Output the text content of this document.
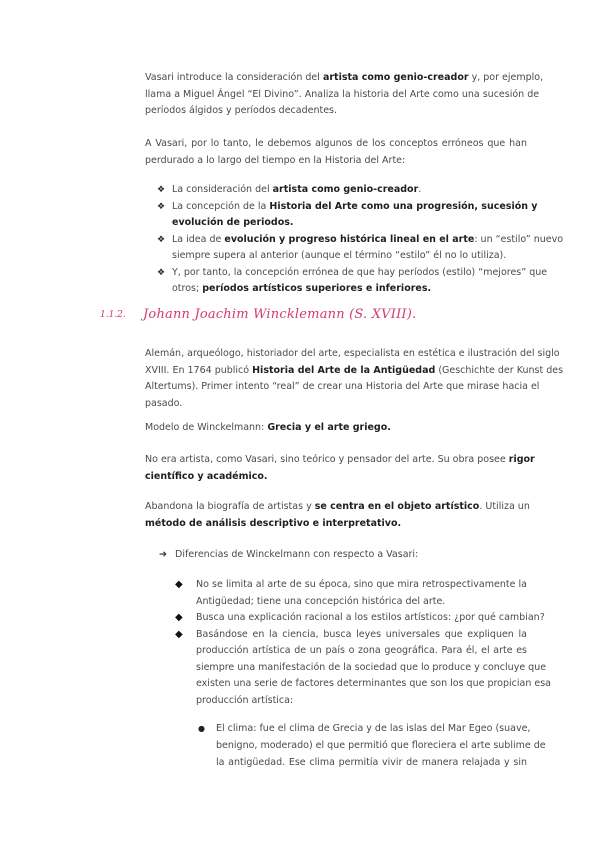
Vasari introduce la consideración del artista como genio-creador y, por ejemplo,
llama a Miguel Ángel “El Divino”. Analiza la historia del Arte como una sucesión de
períodos álgidos y períodos decadentes.
A Vasari, por lo tanto, le debemos algunos de los conceptos erróneos que han
perdurado a lo largo del tiempo en la Historia del Arte:
❖ La consideración del artista como genio-creador.
❖ La concepción de la Historia del Arte como una progresión, sucesión y
evolución de periodos.
❖ La idea de evolución y progreso histórica lineal en el arte: un “estilo” nuevo
siempre supera al anterior (aunque el término “estilo” él no lo utiliza).
❖ Y, por tanto, la concepción errónea de que hay períodos (estilo) “mejores” que
otros; períodos artísticos superiores e inferiores.
1.1.2. Johann Joachim Wincklemann (S. XVIII).
Alemán, arqueólogo, historiador del arte, especialista en estética e ilustración del siglo
XVIII. En 1764 publicó Historia del Arte de la Antigüedad (Geschichte der Kunst des
Altertums). Primer intento “real” de crear una Historia del Arte que mirase hacia el
pasado.
Modelo de Winckelmann: Grecia y el arte griego.
No era artista, como Vasari, sino teórico y pensador del arte. Su obra posee rigor
científico y académico.
Abandona la biografía de artistas y se centra en el objeto artístico. Utiliza un
método de análisis descriptivo e interpretativo.
➔ Diferencias de Winckelmann con respecto a Vasari:
◆ No se limita al arte de su época, sino que mira retrospectivamente la
Antigüedad; tiene una concepción histórica del arte.
◆ Busca una explicación racional a los estilos artísticos: ¿por qué cambian?
◆ Basándose en la ciencia, busca leyes universales que expliquen la
producción artística de un país o zona geográfica. Para él, el arte es
siempre una manifestación de la sociedad que lo produce y concluye que
existen una serie de factores determinantes que son los que propician esa
producción artística:
● El clima: fue el clima de Grecia y de las islas del Mar Egeo (suave,
benigno, moderado) el que permitió que floreciera el arte sublime de
la antigüedad. Ese clima permitía vivir de manera relajada y sin
